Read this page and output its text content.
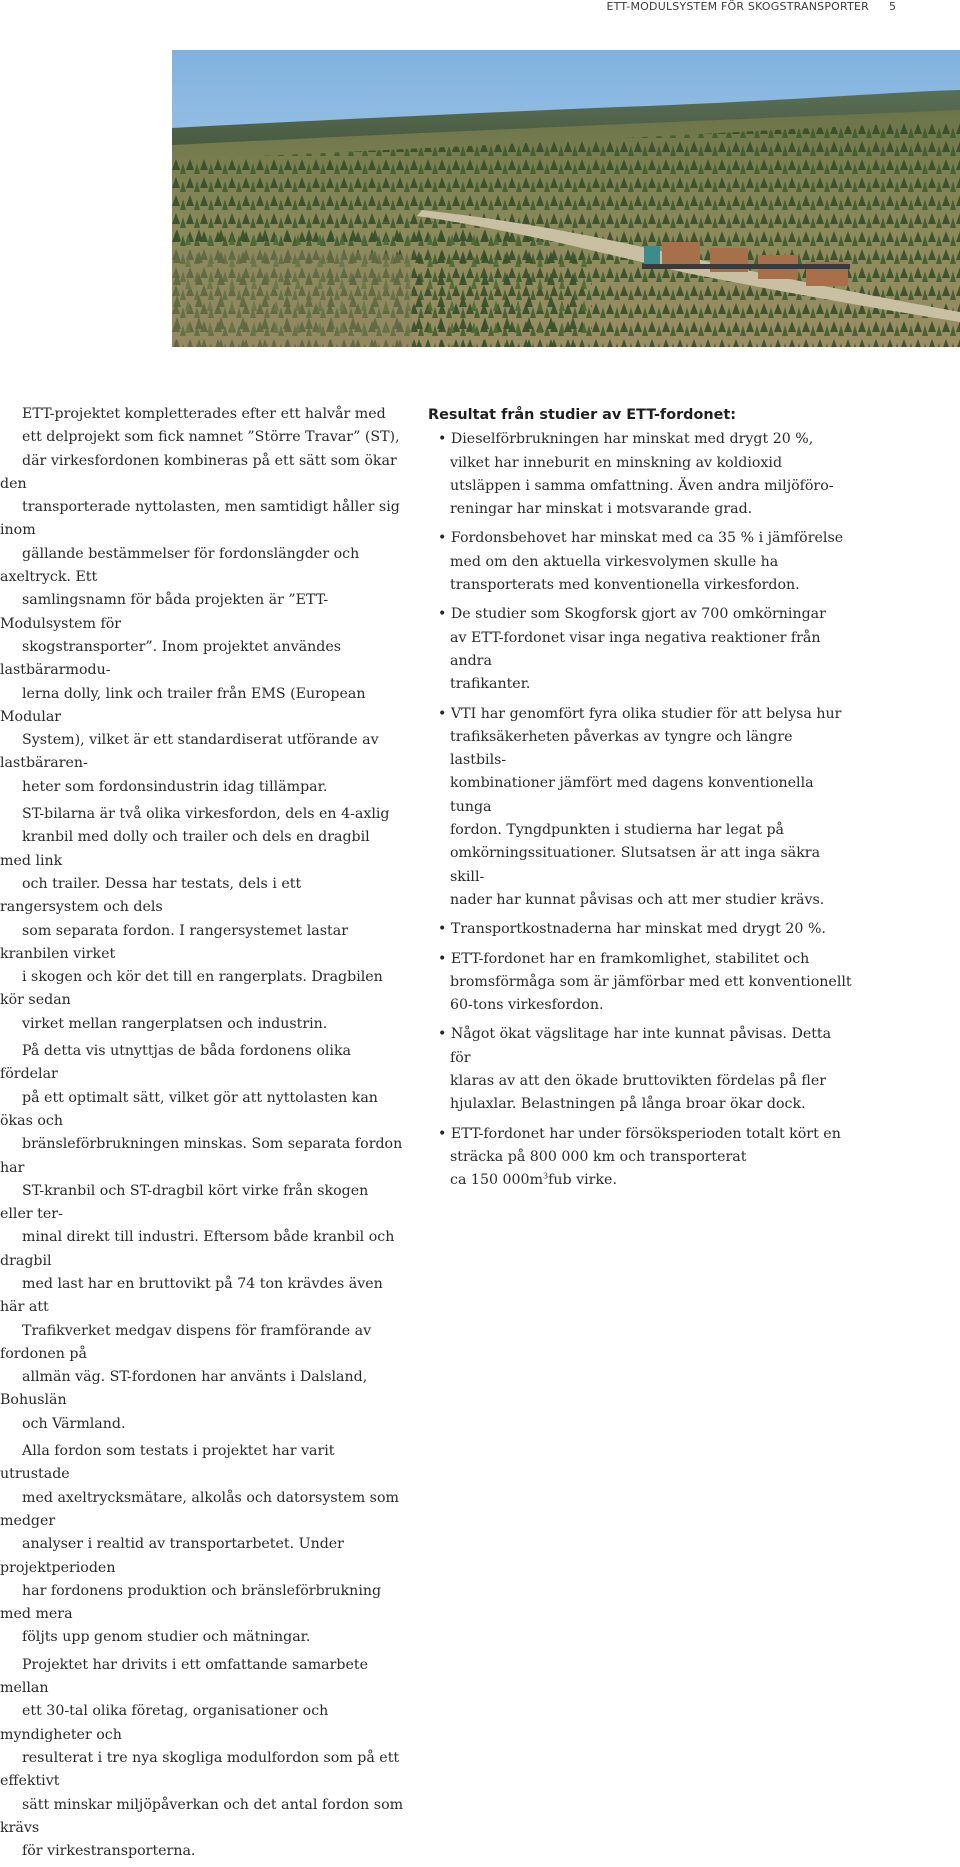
ETT-MODULSYSTEM FÖR SKOGSTRANSPORTER 5

ETT-projektet kompletterades efter ett halvår med
ett delprojekt som fick namnet ”Större Travar” (ST),
där virkesfordonen kombineras på ett sätt som ökar den
transporterade nyttolasten, men samtidigt håller sig inom
gällande bestämmelser för fordonslängder och axeltryck. Ett
samlingsnamn för båda projekten är ”ETT-Modulsystem för
skogstransporter”. Inom projektet användes lastbärarmodu-
lerna dolly, link och trailer från EMS (European Modular
System), vilket är ett standardiserat utförande av lastbäraren-
heter som fordonsindustrin idag tillämpar.

ST-bilarna är två olika virkesfordon, dels en 4-axlig
kranbil med dolly och trailer och dels en dragbil med link
och trailer. Dessa har testats, dels i ett rangersystem och dels
som separata fordon. I rangersystemet lastar kranbilen virket
i skogen och kör det till en rangerplats. Dragbilen kör sedan
virket mellan rangerplatsen och industrin.

På detta vis utnyttjas de båda fordonens olika fördelar
på ett optimalt sätt, vilket gör att nyttolasten kan ökas och
bränsleförbrukningen minskas. Som separata fordon har
ST-kranbil och ST-dragbil kört virke från skogen eller ter-
minal direkt till industri. Eftersom både kranbil och dragbil
med last har en bruttovikt på 74 ton krävdes även här att
Trafikverket medgav dispens för framförande av fordonen på
allmän väg. ST-fordonen har använts i Dalsland, Bohuslän
och Värmland.

Alla fordon som testats i projektet har varit utrustade
med axeltrycksmätare, alkolås och datorsystem som medger
analyser i realtid av transportarbetet. Under projektperioden
har fordonens produktion och bränsleförbrukning med mera
följts upp genom studier och mätningar.

Projektet har drivits i ett omfattande samarbete mellan
ett 30-tal olika företag, organisationer och myndigheter och
resulterat i tre nya skogliga modulfordon som på ett effektivt
sätt minskar miljöpåverkan och det antal fordon som krävs
för virkestransporterna.

Resultat från studier av ETT-fordonet:
• Dieselförbrukningen har minskat med drygt 20 %,
vilket har inneburit en minskning av koldioxid
utsläppen i samma omfattning. Även andra miljöföro-
reningar har minskat i motsvarande grad.
• Fordonsbehovet har minskat med ca 35 % i jämförelse
med om den aktuella virkesvolymen skulle ha
transporterats med konventionella virkesfordon.
• De studier som Skogforsk gjort av 700 omkörningar
av ETT-fordonet visar inga negativa reaktioner från andra
trafikanter.
• VTI har genomfört fyra olika studier för att belysa hur
trafiksäkerheten påverkas av tyngre och längre lastbils-
kombinationer jämfört med dagens konventionella tunga
fordon. Tyngdpunkten i studierna har legat på
omkörningssituationer. Slutsatsen är att inga säkra skill-
nader har kunnat påvisas och att mer studier krävs.
• Transportkostnaderna har minskat med drygt 20 %.
• ETT-fordonet har en framkomlighet, stabilitet och
bromsförmåga som är jämförbar med ett konventionellt
60-tons virkesfordon.
• Något ökat vägslitage har inte kunnat påvisas. Detta för
klaras av att den ökade bruttovikten fördelas på fler
hjulaxlar. Belastningen på långa broar ökar dock.
• ETT-fordonet har under försöksperioden totalt kört en
sträcka på 800 000 km och transporterat
ca 150 $000m^3fub$ virke.
